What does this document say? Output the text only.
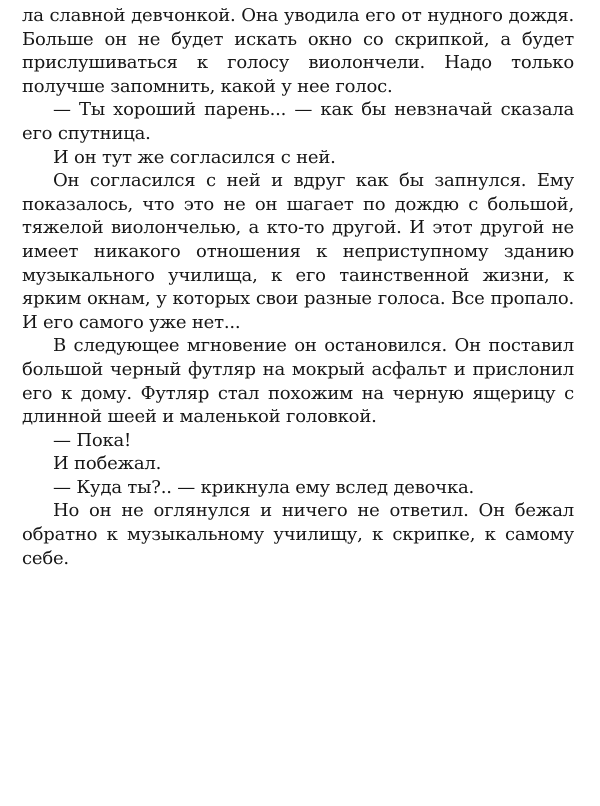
ла славной девчонкой. Она уводила его от нудного дождя. Больше он не будет искать окно со скрипкой, а будет прислушиваться к голосу виолончели. Надо только получше запомнить, какой у нее голос.

— Ты хороший парень... — как бы невзначай сказала его спутница.

И он тут же согласился с ней.

Он согласился с ней и вдруг как бы запнулся. Ему показалось, что это не он шагает по дождю с большой, тяжелой виолончелью, а кто-то другой. И этот другой не имеет никакого отношения к неприступному зданию музыкального училища, к его таинственной жизни, к ярким окнам, у которых свои разные голоса. Все пропало. И его самого уже нет...

В следующее мгновение он остановился. Он поставил большой черный футляр на мокрый асфальт и прислонил его к дому. Футляр стал похожим на черную ящерицу с длинной шеей и маленькой головкой.

— Пока!

И побежал.

— Куда ты?.. — крикнула ему вслед девочка.

Но он не оглянулся и ничего не ответил. Он бежал обратно к музыкальному училищу, к скрипке, к самому себе.
